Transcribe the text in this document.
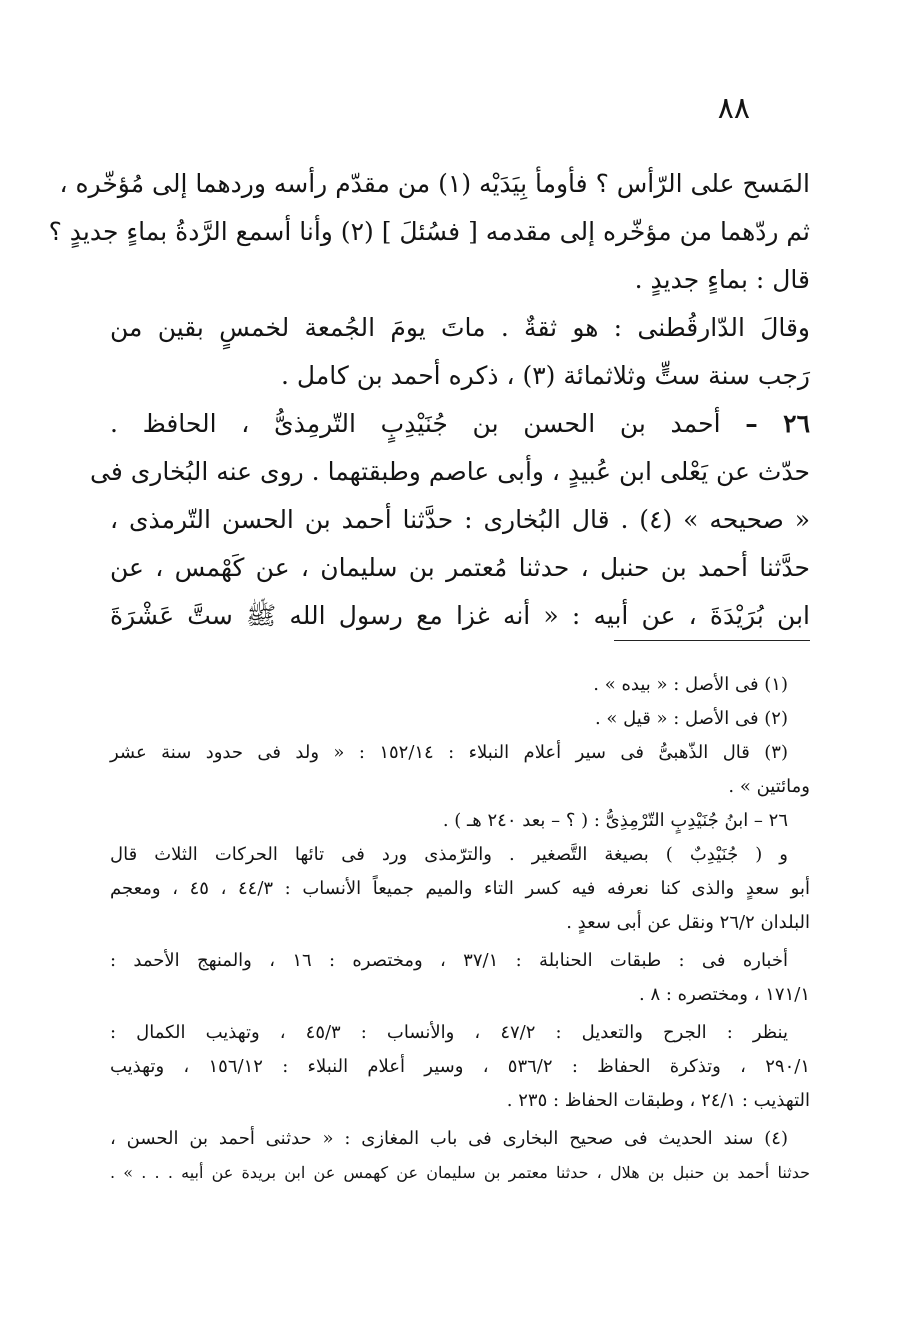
٨٨
المَسح على الرّأس ؟ فأومأ بِيَدَيْه (١) من مقدّم رأسه وردهما إلى مُؤخّره ،
ثم ردّهما من مؤخّره إلى مقدمه [ فسُئلَ ] (٢) وأنا أسمع الرَّدةُ بماءٍ جديدٍ ؟
قال : بماءٍ جديدٍ .
وقالَ الدّارقُطنى : هو ثقةٌ . ماتَ يومَ الجُمعة لخمسٍ بقين من
رَجب سنة ستٍّ وثلاثمائة (٣) ، ذكره أحمد بن كامل .
٢٦ – أحمد بن الحسن بن جُنَيْدِبٍ التّرمِذىُّ ، الحافظ .
حدّث عن يَعْلى ابن عُبيدٍ ، وأبى عاصم وطبقتهما . روى عنه البُخارى فى
« صحيحه » (٤) . قال البُخارى : حدَّثنا أحمد بن الحسن التّرمذى ،
حدَّثنا أحمد بن حنبل ، حدثنا مُعتمر بن سليمان ، عن كَهْمس ، عن
ابن بُرَيْدَةَ ، عن أبيه : « أنه غزا مع رسول الله ﷺ ستَّ عَشْرَةَ
(١) فى الأصل : « بيده » .
(٢) فى الأصل : « قيل » .
(٣) قال الذّهبىُّ فى سير أعلام النبلاء : ١٥٢/١٤ : « ولد فى حدود سنة عشر
ومائتين » .
٢٦ – ابنُ جُنَيْدِبٍ التّرْمِذِىُّ : ( ؟ – بعد ٢٤٠ هـ ) .
و ( جُنَيْدِبٌ ) بصيغة التَّصغير . والترّمذى ورد فى تائها الحركات الثلاث قال
أبو سعدٍ والذى كنا نعرفه فيه كسر التاء والميم جميعاً الأنساب : ٤٤/٣ ، ٤٥ ، ومعجم
البلدان ٢٦/٢ ونقل عن أبى سعدٍ .
أخباره فى : طبقات الحنابلة : ٣٧/١ ، ومختصره : ١٦ ، والمنهج الأحمد :
١٧١/١ ، ومختصره : ٨ .
ينظر : الجرح والتعديل : ٤٧/٢ ، والأنساب : ٤٥/٣ ، وتهذيب الكمال :
٢٩٠/١ ، وتذكرة الحفاظ : ٥٣٦/٢ ، وسير أعلام النبلاء : ١٥٦/١٢ ، وتهذيب
التهذيب : ٢٤/١ ، وطبقات الحفاظ : ٢٣٥ .
(٤) سند الحديث فى صحيح البخارى فى باب المغازى : « حدثنى أحمد بن الحسن ،
حدثنا أحمد بن حنبل بن هلال ، حدثنا معتمر بن سليمان عن كهمس عن ابن بريدة عن أبيه . . . » .
